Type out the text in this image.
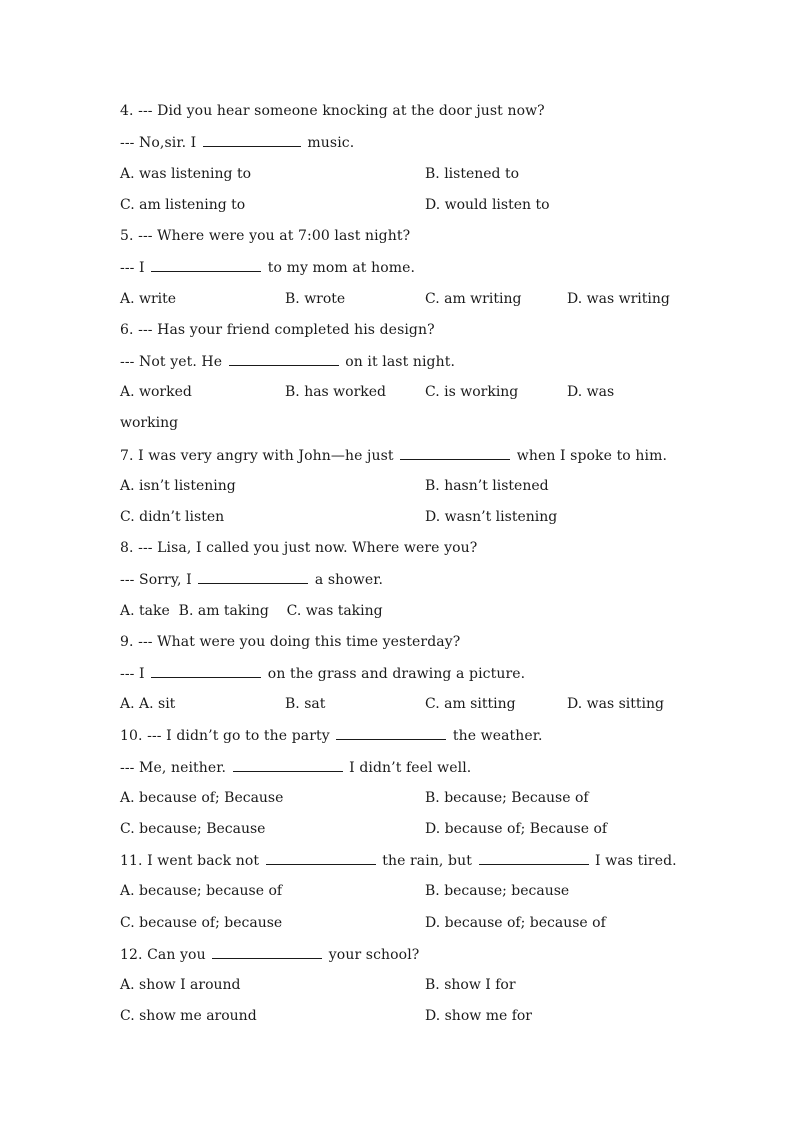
4. --- Did you hear someone knocking at the door just now?
--- No,sir. I	music.
A. was listening to	B. listened to
C. am listening to	D. would listen to
5. --- Where were you at 7:00 last night?
--- I	to my mom at home.
A. write	B. wrote	C. am writing	D. was writing
6. --- Has your friend completed his design?
--- Not yet. He	on it last night.
A. worked	B. has worked	C. is working	D. was
working
7. I was very angry with John—he just	when I spoke to him.
A. isn’t listening	B. hasn’t listened
C. didn’t listen	D. wasn’t listening
8. --- Lisa, I called you just now. Where were you?
--- Sorry, I	a shower.
A. take  B. am taking    C. was taking
9. --- What were you doing this time yesterday?
--- I	on the grass and drawing a picture.
A. A. sit	B. sat	C. am sitting	D. was sitting
10. --- I didn’t go to the party	the weather.
--- Me, neither.	I didn’t feel well.
A. because of; Because	B. because; Because of
C. because; Because	D. because of; Because of
11. I went back not	the rain, but	I was tired.
A. because; because of	B. because; because
C. because of; because	D. because of; because of
12. Can you	your school?
A. show I around	B. show I for
C. show me around	D. show me for
